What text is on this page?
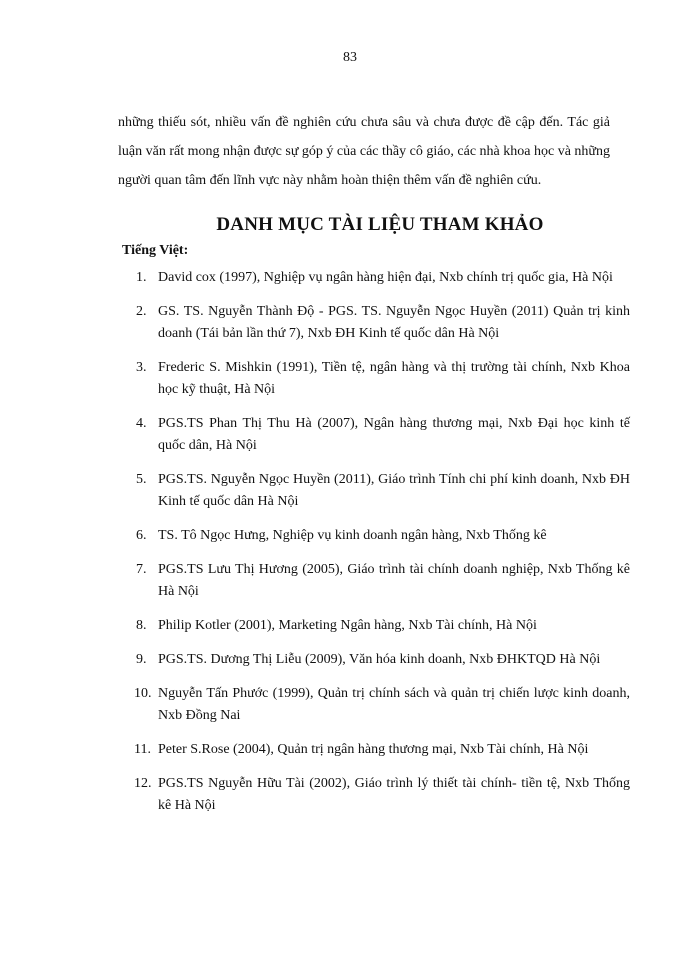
83

những thiếu sót, nhiều vấn đề nghiên cứu chưa sâu và chưa được đề cập đến. Tác giả luận văn rất mong nhận được sự góp ý của các thầy cô giáo, các nhà khoa học và những người quan tâm đến lĩnh vực này nhằm hoàn thiện thêm vấn đề nghiên cứu.

DANH MỤC TÀI LIỆU THAM KHẢO
Tiếng Việt:
1. David cox (1997), Nghiệp vụ ngân hàng hiện đại, Nxb chính trị quốc gia, Hà Nội
2. GS. TS. Nguyễn Thành Độ - PGS. TS. Nguyễn Ngọc Huyền (2011) Quản trị kinh doanh (Tái bản lần thứ 7), Nxb ĐH Kinh tế quốc dân Hà Nội
3. Frederic S. Mishkin (1991), Tiền tệ, ngân hàng và thị trường tài chính, Nxb Khoa học kỹ thuật, Hà Nội
4. PGS.TS Phan Thị Thu Hà (2007), Ngân hàng thương mại, Nxb Đại học kinh tế quốc dân, Hà Nội
5. PGS.TS. Nguyễn Ngọc Huyền (2011), Giáo trình Tính chi phí kinh doanh, Nxb ĐH Kinh tế quốc dân Hà Nội
6. TS. Tô Ngọc Hưng, Nghiệp vụ kinh doanh ngân hàng, Nxb Thống kê
7. PGS.TS Lưu Thị Hương (2005), Giáo trình tài chính doanh nghiệp, Nxb Thống kê Hà Nội
8. Philip Kotler (2001), Marketing Ngân hàng, Nxb Tài chính, Hà Nội
9. PGS.TS. Dương Thị Liễu (2009), Văn hóa kinh doanh, Nxb ĐHKTQD Hà Nội
10. Nguyễn Tấn Phước (1999), Quản trị chính sách và quản trị chiến lược kinh doanh, Nxb Đồng Nai
11. Peter S.Rose (2004), Quản trị ngân hàng thương mại, Nxb Tài chính, Hà Nội
12. PGS.TS Nguyễn Hữu Tài (2002), Giáo trình lý thiết tài chính- tiền tệ, Nxb Thống kê Hà Nội
